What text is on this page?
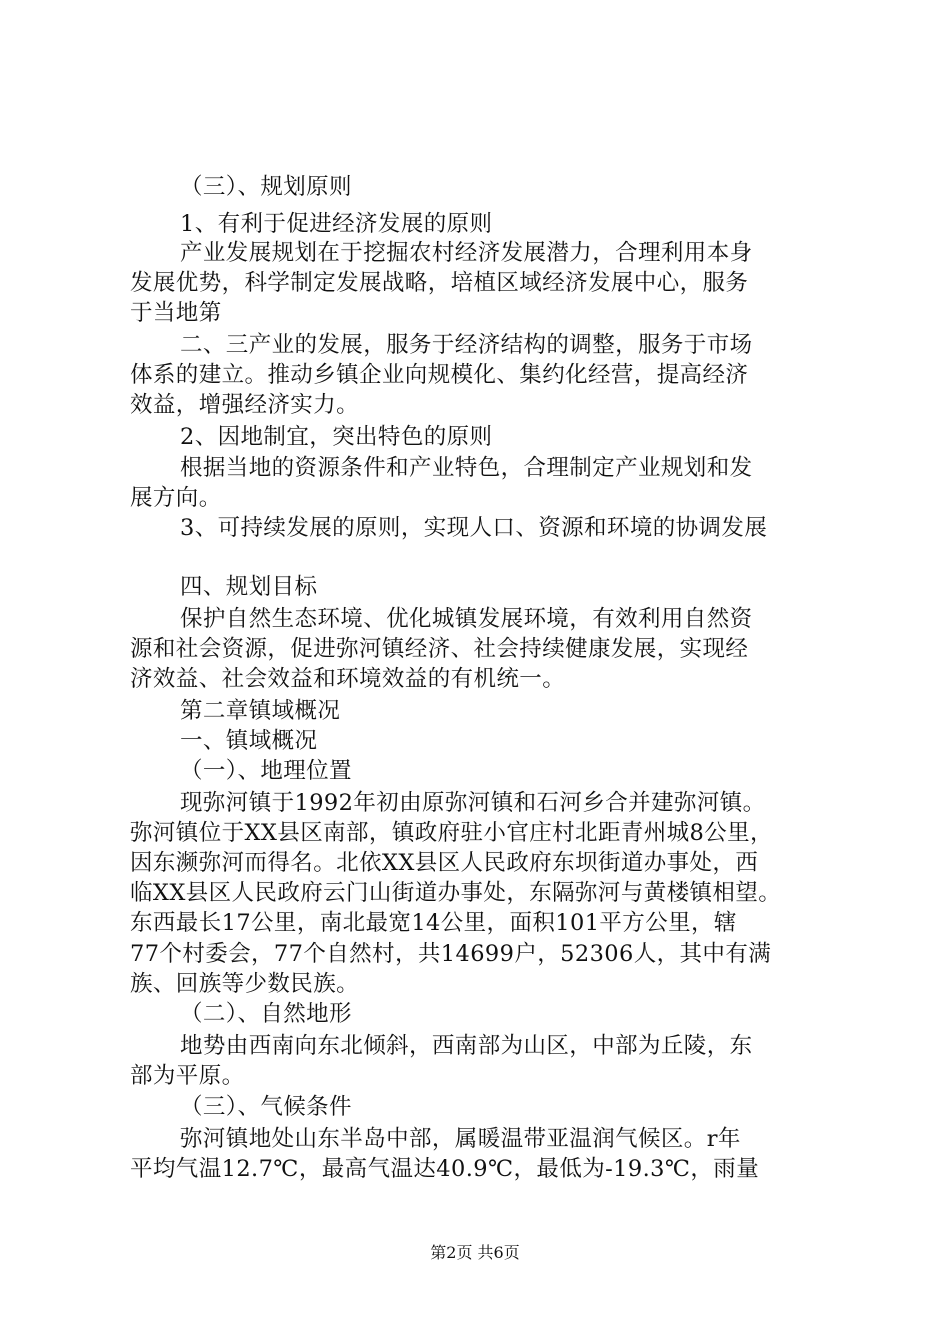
（三）、规划原则
1、有利于促进经济发展的原则
产业发展规划在于挖掘农村经济发展潜力，合理利用本身
发展优势，科学制定发展战略，培植区域经济发展中心，服务
于当地第
二、三产业的发展，服务于经济结构的调整，服务于市场
体系的建立。推动乡镇企业向规模化、集约化经营，提高经济
效益，增强经济实力。
2、因地制宜，突出特色的原则
根据当地的资源条件和产业特色，合理制定产业规划和发
展方向。
3、可持续发展的原则，实现人口、资源和环境的协调发展
四、规划目标
保护自然生态环境、优化城镇发展环境，有效利用自然资
源和社会资源，促进弥河镇经济、社会持续健康发展，实现经
济效益、社会效益和环境效益的有机统一。
第二章镇域概况
一、镇域概况
（一）、地理位置
现弥河镇于1992年初由原弥河镇和石河乡合并建弥河镇。
弥河镇位于XX县区南部，镇政府驻小官庄村北距青州城8公里，
因东濒弥河而得名。北依XX县区人民政府东坝街道办事处，西
临XX县区人民政府云门山街道办事处，东隔弥河与黄楼镇相望。
东西最长17公里，南北最宽14公里，面积101平方公里，辖
77个村委会，77个自然村，共14699户，52306人，其中有满
族、回族等少数民族。
（二）、自然地形
地势由西南向东北倾斜，西南部为山区，中部为丘陵，东
部为平原。
（三）、气候条件
弥河镇地处山东半岛中部，属暖温带亚温润气候区。r年
平均气温12.7℃，最高气温达40.9℃，最低为-19.3℃，雨量
第2页 共6页
